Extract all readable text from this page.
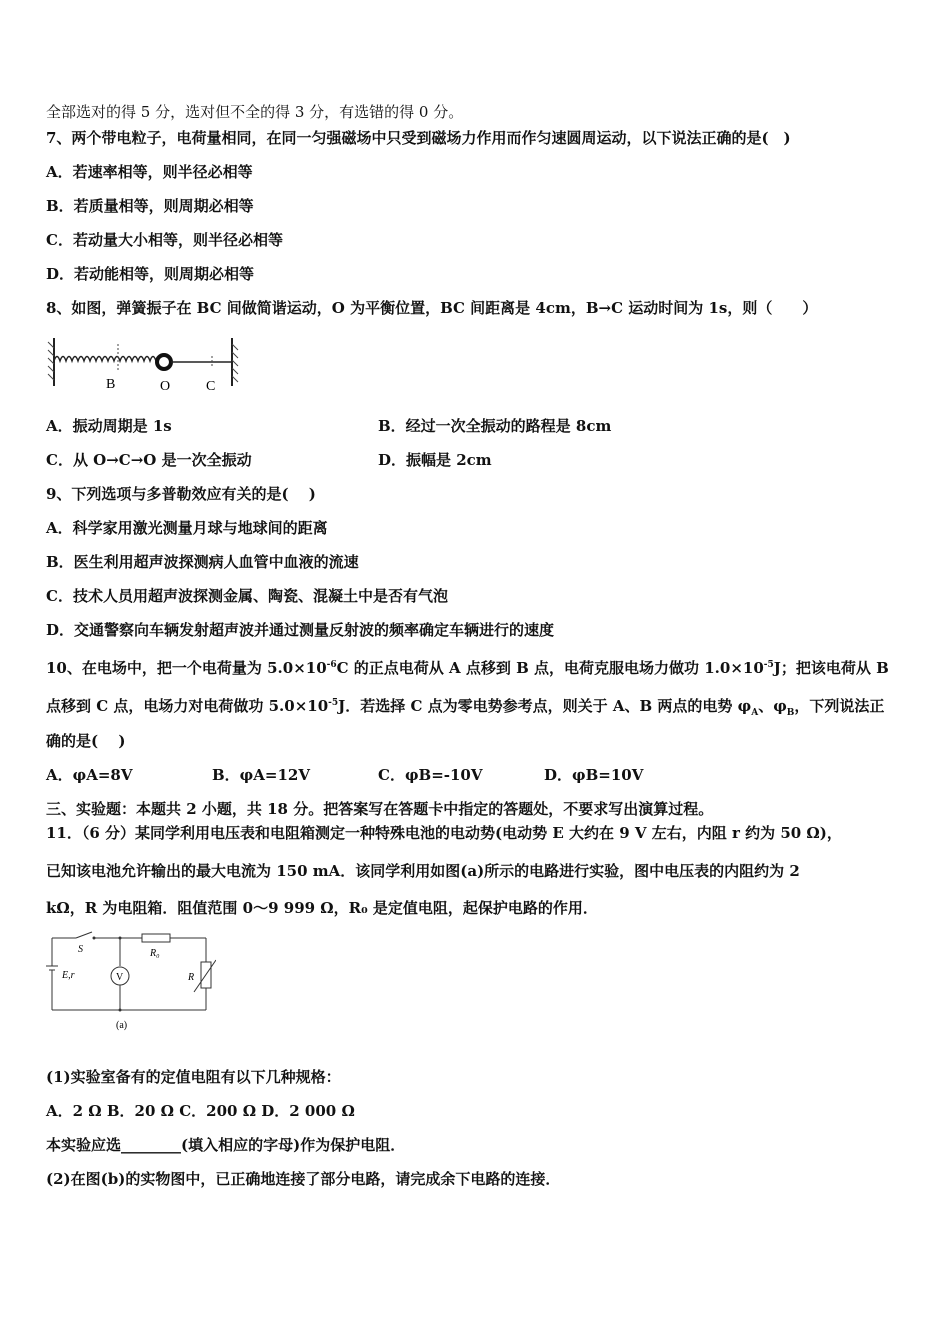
全部选对的得 5 分，选对但不全的得 3 分，有选错的得 0 分。
7、两个带电粒子，电荷量相同，在同一匀强磁场中只受到磁场力作用而作匀速圆周运动，以下说法正确的是(　)
A．若速率相等，则半径必相等
B．若质量相等，则周期必相等
C．若动量大小相等，则半径必相等
D．若动能相等，则周期必相等
8、如图，弹簧振子在 BC 间做简谐运动，O 为平衡位置，BC 间距离是 4cm，B→C 运动时间为 1s，则（　　）
B	O	C
A．振动周期是 1s	B．经过一次全振动的路程是 8cm
C．从 O→C→O 是一次全振动	D．振幅是 2cm
9、下列选项与多普勒效应有关的是(　 )
A．科学家用激光测量月球与地球间的距离
B．医生利用超声波探测病人血管中血液的流速
C．技术人员用超声波探测金属、陶瓷、混凝土中是否有气泡
D．交通警察向车辆发射超声波并通过测量反射波的频率确定车辆进行的速度
10、在电场中，把一个电荷量为 $5.0\times 10^{-6}C$ 的正点电荷从 A 点移到 B 点，电荷克服电场力做功 $1.0\times 10^{-5}J$；把该电荷从 B
点移到 C 点，电场力对电荷做功 $5.0\times 10^{-5}J$．若选择 C 点为零电势参考点，则关于 A、B 两点的电势 $\varphi_A$、$\varphi_B$，下列说法正
确的是(　 )
A．φA=8V	B．φA=12V	C．φB=-10V	D．φB=10V
三、实验题：本题共 2 小题，共 18 分。把答案写在答题卡中指定的答题处，不要求写出演算过程。
11．（6 分）某同学利用电压表和电阻箱测定一种特殊电池的电动势(电动势 E 大约在 9 V 左右，内阻 r 约为 50 Ω)，
已知该电池允许输出的最大电流为 150 mA．该同学利用如图(a)所示的电路进行实验，图中电压表的内阻约为 2
kΩ，R 为电阻箱．阻值范围 0～9 999 Ω，R₀ 是定值电阻，起保护电路的作用．
S
E,r	V
R₀
R
(a)
(1)实验室备有的定值电阻有以下几种规格：
A．2 Ω B．20 Ω C．200 Ω D．2 000 Ω
本实验应选________(填入相应的字母)作为保护电阻．
(2)在图(b)的实物图中，已正确地连接了部分电路，请完成余下电路的连接．
